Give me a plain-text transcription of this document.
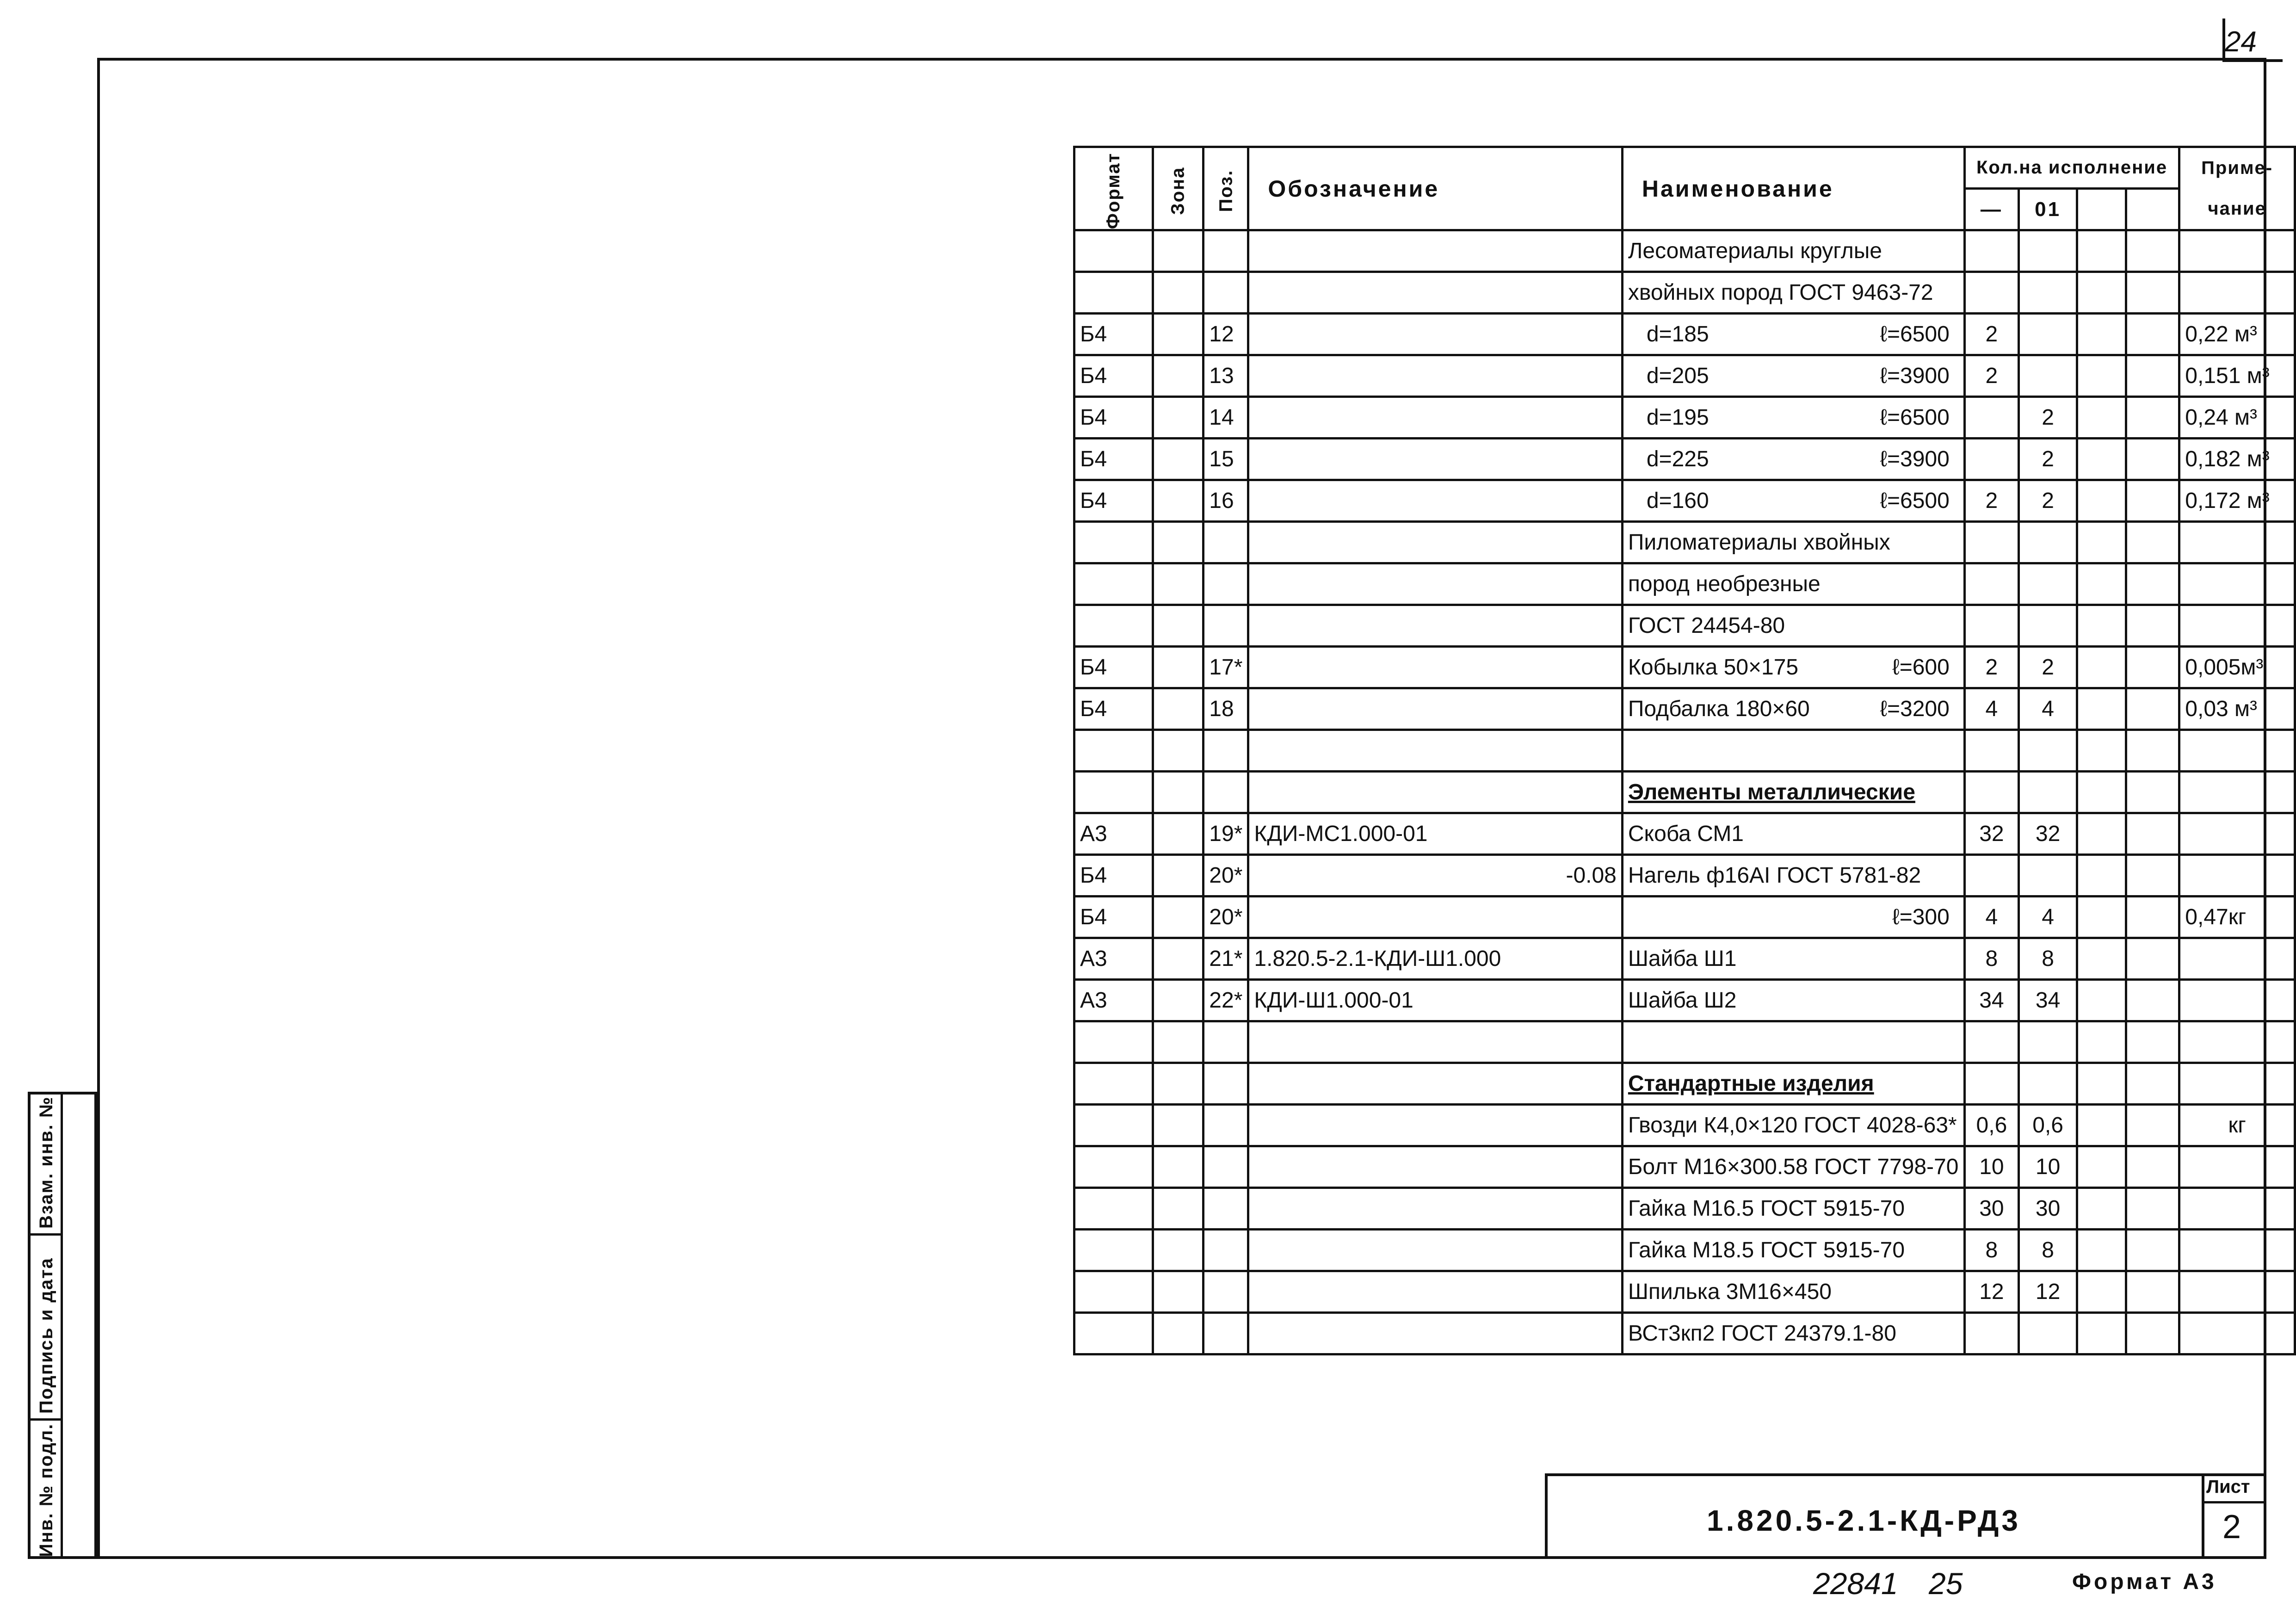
24
Инв. № подл.
Подпись и дата
Взам. инв. №
Формат	Зона	Поз.	Обозначение	Наименование	Кол.на исполнение				Приме-
					—	01			чание

				Лесоматериалы круглые					

				хвойных пород ГОСТ 9463-72					

Б4		12		d=185 ℓ=6500	2				0,22 м³
Б4		13		d=205 ℓ=3900	2				0,151 м³
Б4		14		d=195 ℓ=6500		2			0,24 м³
Б4		15		d=225 ℓ=3900		2			0,182 м³
Б4		16		d=160 ℓ=6500	2	2			0,172 м³

				Пиломатериалы хвойных					

				пород необрезные					

				ГОСТ 24454-80					

Б4		17*		Кобылка 50×175 ℓ=600	2	2			0,005м³
Б4		18		Подбалка 180×60 ℓ=3200	4	4			0,03 м³

				Элементы металлические					

А3		19*	КДИ-МС1.000-01	Скоба СМ1	32	32			
Б4		20*	-0.08	Нагель ф16АI ГОСТ 5781-82					

Б4		20*		ℓ=300	4	4			0,47кг
А3		21*	1.820.5-2.1-КДИ-Ш1.000	Шайба Ш1	8	8			
А3		22*	КДИ-Ш1.000-01	Шайба Ш2	34	34			

				Стандартные изделия					

				Гвозди К4,0×120 ГОСТ 4028-63*	0,6	0,6			кг

				Болт М16×300.58 ГОСТ 7798-70	10	10			

				Гайка М16.5 ГОСТ 5915-70	30	30			

				Гайка М18.5 ГОСТ 5915-70	8	8			

				Шпилька 3М16×450	12	12			

				ВСт3кп2 ГОСТ 24379.1-80					

1.820.5-2.1-КД-РД3
Лист
2
22841 25	Формат А3
